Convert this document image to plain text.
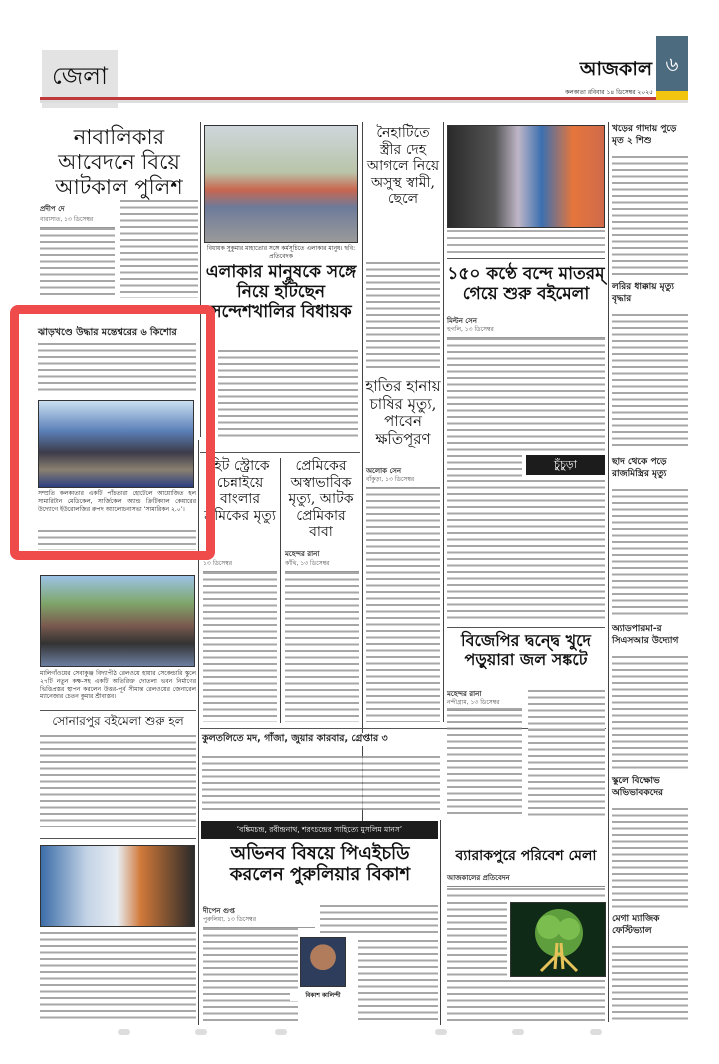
জেলা	আজকাল
কলকাতা রবিবার ১৪ ডিসেম্বর ২০২৫
৬
নাবালিকার আবেদনে বিয়ে আটকাল পুলিশ
প্রদীপ দে
বারাসাত, ১৩ ডিসেম্বর
বিধায়ক সুকুমার মাহাতোর সঙ্গে কর্মসূচিতে এলাকার মানুষ। ছবি: প্রতিবেদক
এলাকার মানুষকে সঙ্গে নিয়ে হাঁটছেন সন্দেশখালির বিধায়ক
নৈহাটিতে স্ত্রীর দেহ আগলে নিয়ে অসুস্থ স্বামী, ছেলে
হাতির হানায় চাষির মৃত্যু, পাবেন ক্ষতিপূরণ
অলোক সেন
বাঁকুড়া, ১৩ ডিসেম্বর
১৫০ কণ্ঠে বন্দে মাতরম্ গেয়ে শুরু বইমেলা
মিল্টন সেন
হুগলি, ১৩ ডিসেম্বর
চুঁচুড়া
বিজেপির দ্বন্দ্বে খুদে পড়ুয়ারা জল সঙ্কটে
মহেন্দর রানা
নন্দীগ্রাম, ১৩ ডিসেম্বর
ঝাড়খণ্ডে উদ্ধার মন্তেশ্বরের ৬ কিশোর
সম্প্রতি কলকাতার একটি পাঁচতারা হোটেলে আয়োজিত হল সামারিটান মেডিকেল, সার্জিকেল অ্যান্ড ক্রিটিক্যাল কেয়ারের উদ্যোগে ইউরোলজির রুপদ অ্যালোচনাসভা ‘সামারিকন ২.০’।
হিট স্ট্রোকে চেন্নাইয়ে বাংলার শ্রমিকের মৃত্যু
১৩ ডিসেম্বর
প্রেমিকের অস্বাভাবিক মৃত্যু, আটক প্রেমিকার বাবা
মহেন্দর রানা
কাঁথি, ১৩ ডিসেম্বর
মালিগাঁওয়ের সেবাকুঞ্জ বিদ্যাপীঠ রেলওয়ে হায়ার সেকেন্ডারি স্কুলে ২৭টি নতুন কক্ষ-সহ একটি অতিরিক্ত দোতলা ভবন নির্মাণের ভিত্তিপ্রস্তর স্থাপন করলেন উত্তর-পূর্ব সীমান্ত রেলওয়ের জেনারেল ম্যানেজার চেতন কুমার শ্রীবাস্তব।
সোনারপুর বইমেলা শুরু হল
কুলতলিতে মদ, গাঁজা, জুয়ার কারবার, গ্রেপ্তার ৩
‘বঙ্কিমচন্দ্র, রবীন্দ্রনাথ, শরৎচন্দ্রের সাহিত্যে মুসলিম মানস’
অভিনব বিষয়ে পিএইচডি করলেন পুরুলিয়ার বিকাশ
দীপেন গুপ্ত
পুরুলিয়া, ১৩ ডিসেম্বর
বিকাশ কালিন্দী
ব্যারাকপুরে পরিবেশ মেলা
আজকালের প্রতিবেদন
খড়ের গাদায় পুড়ে মৃত ২ শিশু
লরির ধাক্কায় মৃত্যু বৃদ্ধার
ছাদ থেকে পড়ে রাজমিস্ত্রির মৃত্যু
অ্যাডপারমা-র সিএসআর উদ্যোগ
স্কুলে বিক্ষোভ অভিভাবকদের
মেগা ম্যাজিক ফেস্টিভ্যাল
